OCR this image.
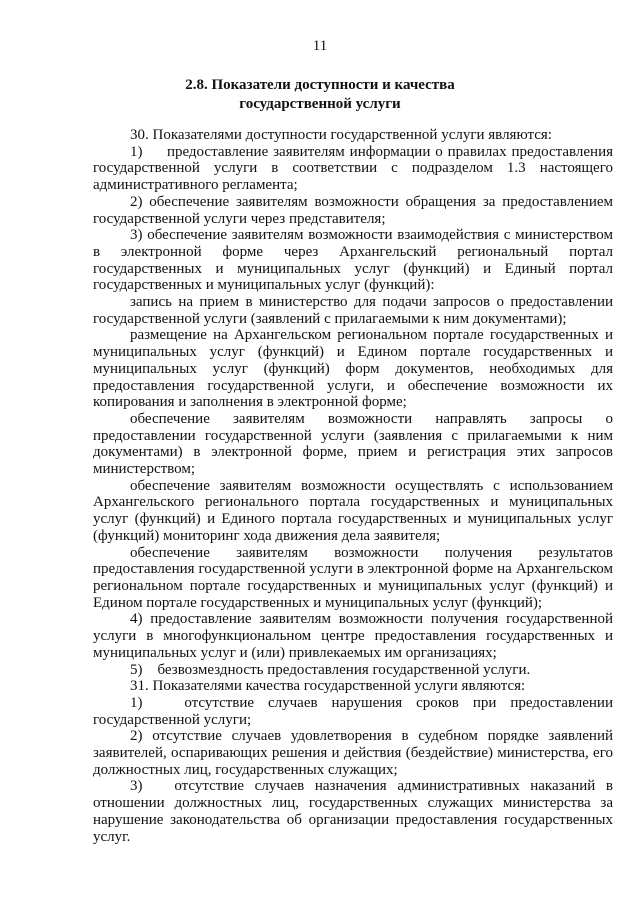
11
2.8. Показатели доступности и качества
государственной услуги

30. Показателями доступности государственной услуги являются:

1)     предоставление заявителям информации о правилах предоставления государственной услуги в соответствии с подразделом 1.3 настоящего административного регламента;

2) обеспечение заявителям возможности обращения за предоставлением государственной услуги через представителя;

3) обеспечение заявителям возможности взаимодействия с министерством в электронной форме через Архангельский региональный портал государственных и муниципальных услуг (функций) и Единый портал государственных и муниципальных услуг (функций):

запись на прием в министерство для подачи запросов о предоставлении государственной услуги (заявлений с прилагаемыми к ним документами);

размещение на Архангельском региональном портале государственных и муниципальных услуг (функций) и Едином портале государственных и муниципальных услуг (функций) форм документов, необходимых для предоставления государственной услуги, и обеспечение возможности их копирования и заполнения в электронной форме;

обеспечение заявителям возможности направлять запросы о предоставлении государственной услуги (заявления с прилагаемыми к ним документами) в электронной форме, прием и регистрация этих запросов министерством;

обеспечение заявителям возможности осуществлять с использованием Архангельского регионального портала государственных и муниципальных услуг (функций) и Единого портала государственных и муниципальных услуг (функций) мониторинг хода движения дела заявителя;

обеспечение заявителям возможности получения результатов предоставления государственной услуги в электронной форме на Архангельском региональном портале государственных и муниципальных услуг (функций) и Едином портале государственных и муниципальных услуг (функций);

4) предоставление заявителям возможности получения государственной услуги в многофункциональном центре предоставления государственных и муниципальных услуг и (или) привлекаемых им организациях;

5)    безвозмездность предоставления государственной услуги.

31. Показателями качества государственной услуги являются:

1)   отсутствие случаев нарушения сроков при предоставлении государственной услуги;

2) отсутствие случаев удовлетворения в судебном порядке заявлений заявителей, оспаривающих решения и действия (бездействие) министерства, его должностных лиц, государственных служащих;

3)   отсутствие случаев назначения административных наказаний в отношении должностных лиц, государственных служащих министерства за нарушение законодательства об организации предоставления государственных услуг.
